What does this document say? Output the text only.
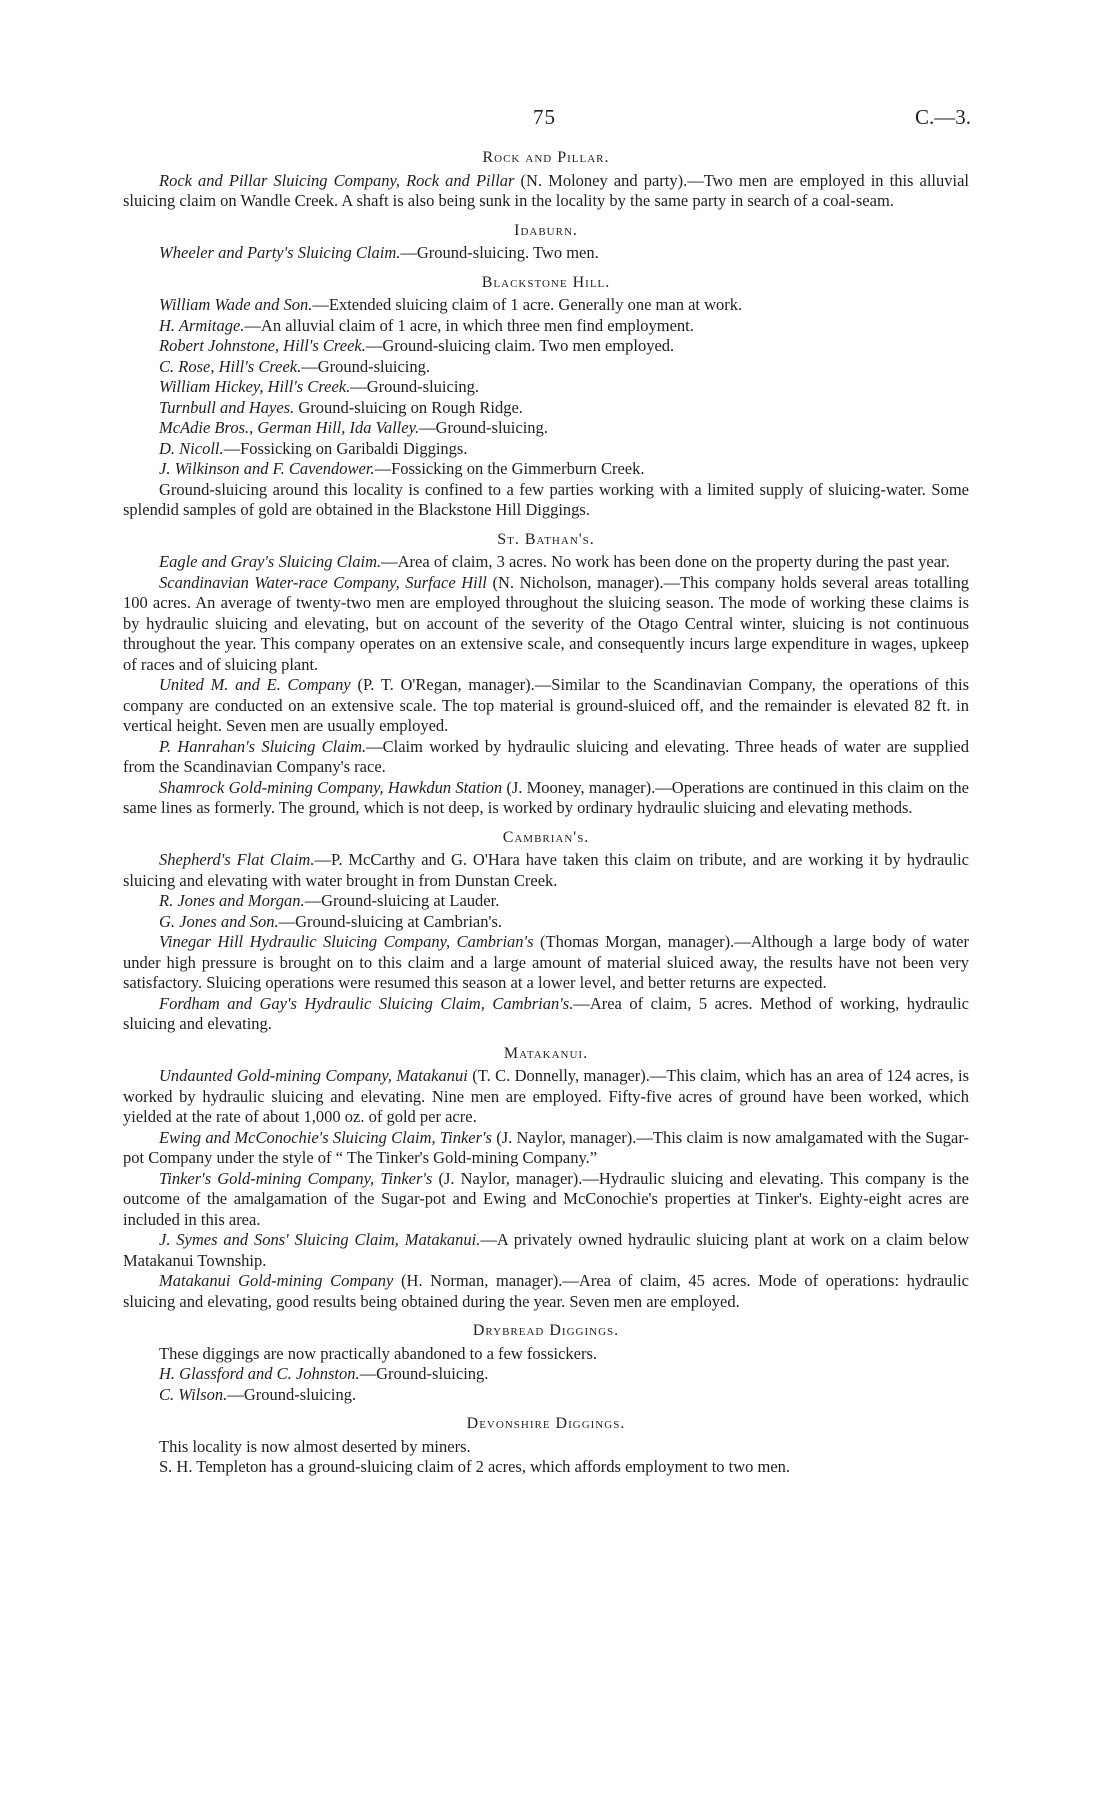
75	C.—3.
Rock and Pillar.

Rock and Pillar Sluicing Company, Rock and Pillar (N. Moloney and party).—Two men are employed in this alluvial sluicing claim on Wandle Creek. A shaft is also being sunk in the locality by the same party in search of a coal-seam.

Idaburn.

Wheeler and Party's Sluicing Claim.—Ground-sluicing. Two men.

Blackstone Hill.

William Wade and Son.—Extended sluicing claim of 1 acre. Generally one man at work.

H. Armitage.—An alluvial claim of 1 acre, in which three men find employment.

Robert Johnstone, Hill's Creek.—Ground-sluicing claim. Two men employed.

C. Rose, Hill's Creek.—Ground-sluicing.

William Hickey, Hill's Creek.—Ground-sluicing.

Turnbull and Hayes. Ground-sluicing on Rough Ridge.

McAdie Bros., German Hill, Ida Valley.—Ground-sluicing.

D. Nicoll.—Fossicking on Garibaldi Diggings.

J. Wilkinson and F. Cavendower.—Fossicking on the Gimmerburn Creek.

Ground-sluicing around this locality is confined to a few parties working with a limited supply of sluicing-water. Some splendid samples of gold are obtained in the Blackstone Hill Diggings.

St. Bathan's.

Eagle and Gray's Sluicing Claim.—Area of claim, 3 acres. No work has been done on the property during the past year.

Scandinavian Water-race Company, Surface Hill (N. Nicholson, manager).—This company holds several areas totalling 100 acres. An average of twenty-two men are employed throughout the sluicing season. The mode of working these claims is by hydraulic sluicing and elevating, but on account of the severity of the Otago Central winter, sluicing is not continuous throughout the year. This company operates on an extensive scale, and consequently incurs large expenditure in wages, upkeep of races and of sluicing plant.

United M. and E. Company (P. T. O'Regan, manager).—Similar to the Scandinavian Company, the operations of this company are conducted on an extensive scale. The top material is ground-sluiced off, and the remainder is elevated 82 ft. in vertical height. Seven men are usually employed.

P. Hanrahan's Sluicing Claim.—Claim worked by hydraulic sluicing and elevating. Three heads of water are supplied from the Scandinavian Company's race.

Shamrock Gold-mining Company, Hawkdun Station (J. Mooney, manager).—Operations are continued in this claim on the same lines as formerly. The ground, which is not deep, is worked by ordinary hydraulic sluicing and elevating methods.

Cambrian's.

Shepherd's Flat Claim.—P. McCarthy and G. O'Hara have taken this claim on tribute, and are working it by hydraulic sluicing and elevating with water brought in from Dunstan Creek.

R. Jones and Morgan.—Ground-sluicing at Lauder.

G. Jones and Son.—Ground-sluicing at Cambrian's.

Vinegar Hill Hydraulic Sluicing Company, Cambrian's (Thomas Morgan, manager).—Although a large body of water under high pressure is brought on to this claim and a large amount of material sluiced away, the results have not been very satisfactory. Sluicing operations were resumed this season at a lower level, and better returns are expected.

Fordham and Gay's Hydraulic Sluicing Claim, Cambrian's.—Area of claim, 5 acres. Method of working, hydraulic sluicing and elevating.

Matakanui.

Undaunted Gold-mining Company, Matakanui (T. C. Donnelly, manager).—This claim, which has an area of 124 acres, is worked by hydraulic sluicing and elevating. Nine men are employed. Fifty-five acres of ground have been worked, which yielded at the rate of about 1,000 oz. of gold per acre.

Ewing and McConochie's Sluicing Claim, Tinker's (J. Naylor, manager).—This claim is now amalgamated with the Sugar-pot Company under the style of “ The Tinker's Gold-mining Company.”

Tinker's Gold-mining Company, Tinker's (J. Naylor, manager).—Hydraulic sluicing and elevating. This company is the outcome of the amalgamation of the Sugar-pot and Ewing and McConochie's properties at Tinker's. Eighty-eight acres are included in this area.

J. Symes and Sons' Sluicing Claim, Matakanui.—A privately owned hydraulic sluicing plant at work on a claim below Matakanui Township.

Matakanui Gold-mining Company (H. Norman, manager).—Area of claim, 45 acres. Mode of operations: hydraulic sluicing and elevating, good results being obtained during the year. Seven men are employed.

Drybread Diggings.

These diggings are now practically abandoned to a few fossickers.

H. Glassford and C. Johnston.—Ground-sluicing.

C. Wilson.—Ground-sluicing.

Devonshire Diggings.

This locality is now almost deserted by miners.

S. H. Templeton has a ground-sluicing claim of 2 acres, which affords employment to two men.
